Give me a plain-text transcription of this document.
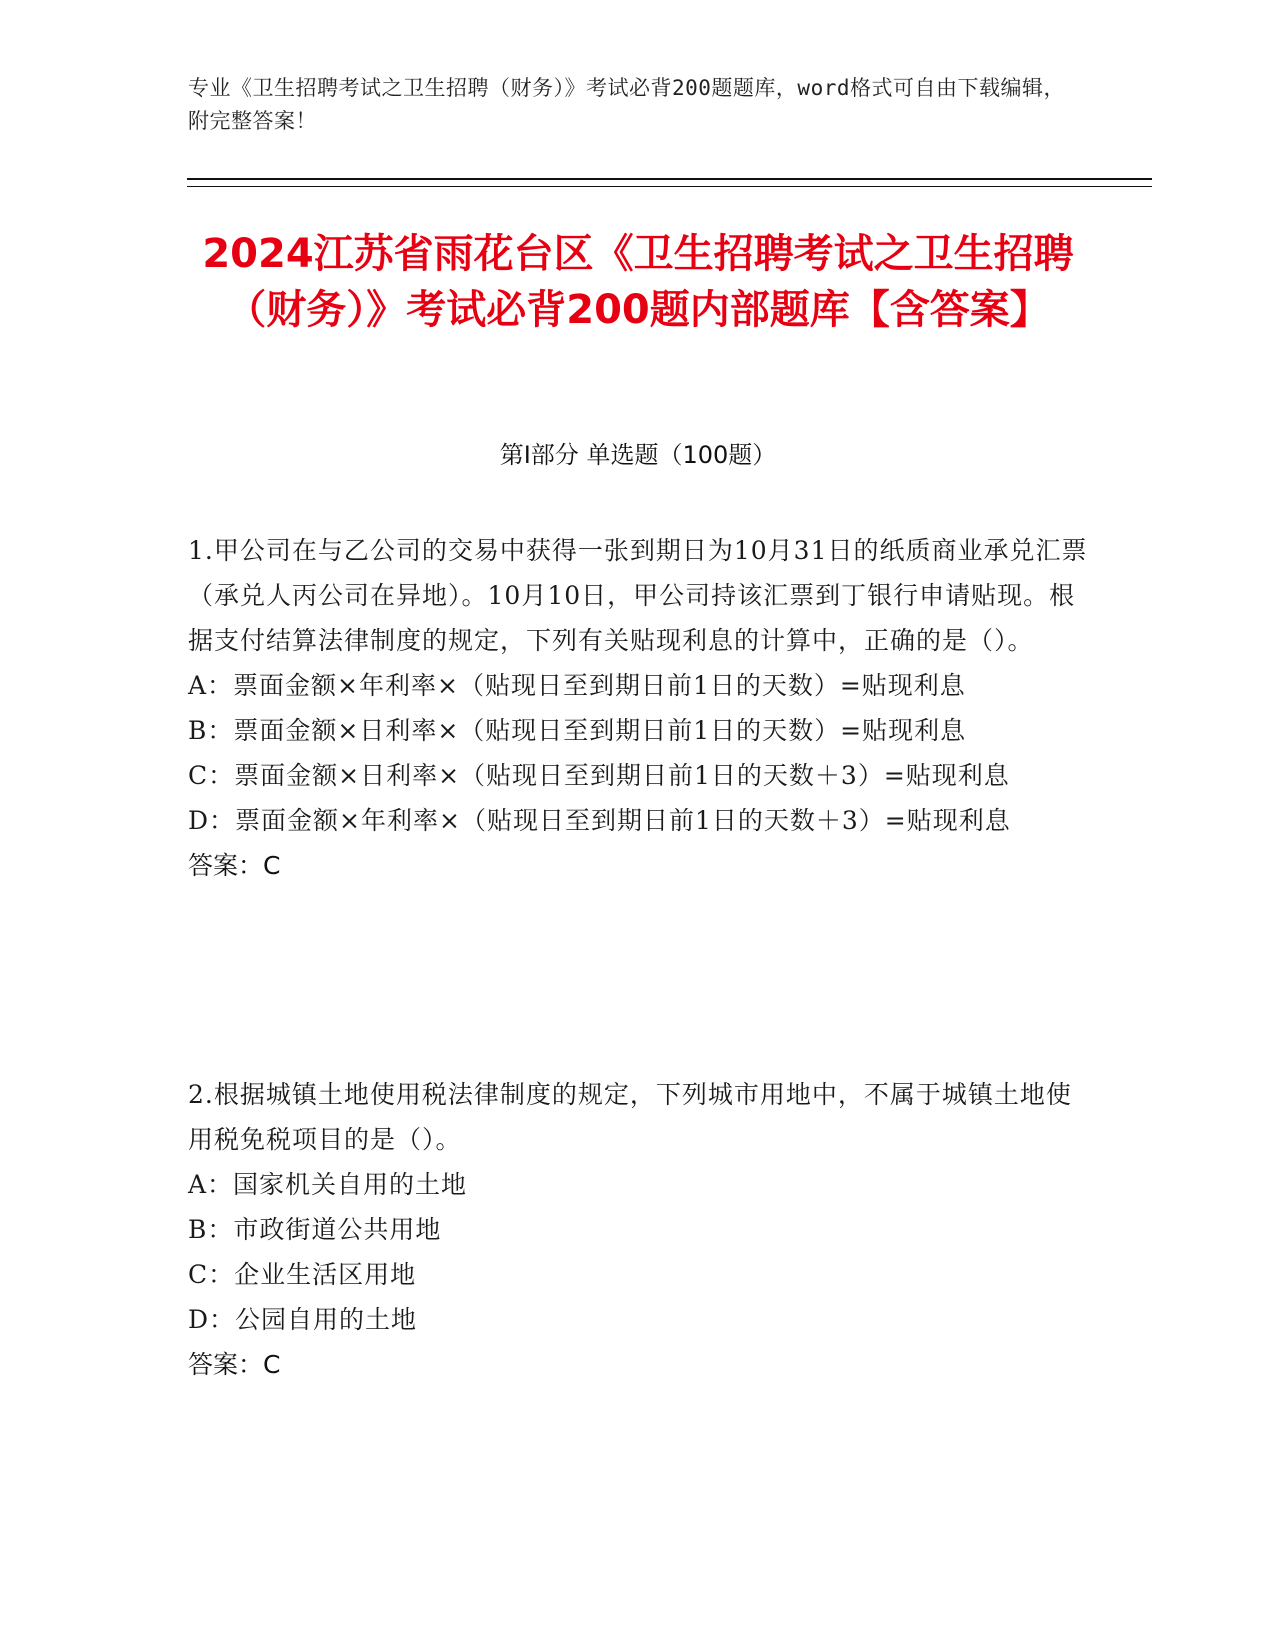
专业《卫生招聘考试之卫生招聘（财务）》考试必背200题题库，word格式可自由下载编辑，附完整答案！
2024江苏省雨花台区《卫生招聘考试之卫生招聘（财务）》考试必背200题内部题库【含答案】
第Ⅰ部分 单选题（100题）

1.甲公司在与乙公司的交易中获得一张到期日为10月31日的纸质商业承兑汇票（承兑人丙公司在异地）。10月10日，甲公司持该汇票到丁银行申请贴现。根据支付结算法律制度的规定，下列有关贴现利息的计算中，正确的是（）。

A：票面金额×年利率×（贴现日至到期日前1日的天数）=贴现利息

B：票面金额×日利率×（贴现日至到期日前1日的天数）=贴现利息

C：票面金额×日利率×（贴现日至到期日前1日的天数＋3）=贴现利息

D：票面金额×年利率×（贴现日至到期日前1日的天数＋3）=贴现利息

答案：C

2.根据城镇土地使用税法律制度的规定，下列城市用地中，不属于城镇土地使用税免税项目的是（）。

A：国家机关自用的土地

B：市政街道公共用地

C：企业生活区用地

D：公园自用的土地

答案：C
